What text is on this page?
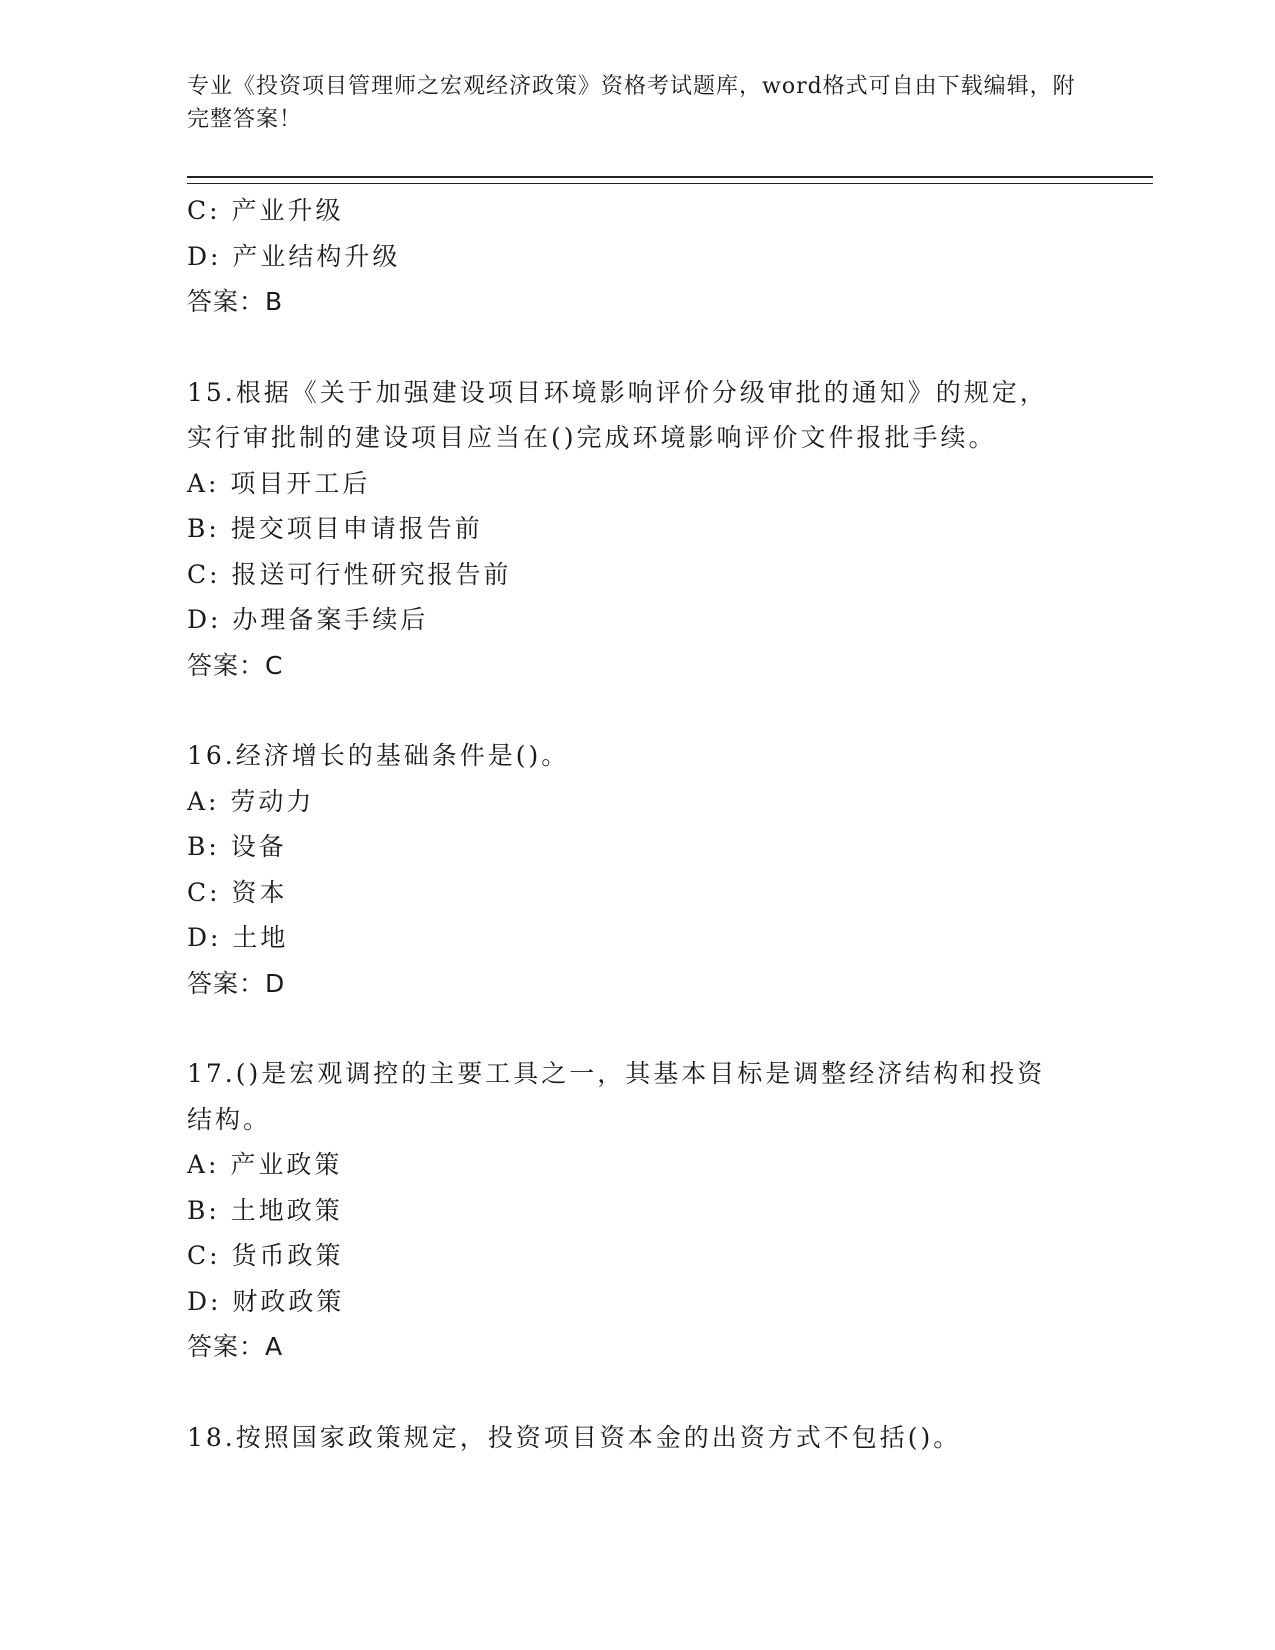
专业《投资项目管理师之宏观经济政策》资格考试题库，word格式可自由下载编辑，附完整答案！
C: 产业升级
D: 产业结构升级
答案：B
15.根据《关于加强建设项目环境影响评价分级审批的通知》的规定，
实行审批制的建设项目应当在()完成环境影响评价文件报批手续。
A: 项目开工后
B: 提交项目申请报告前
C: 报送可行性研究报告前
D: 办理备案手续后
答案：C
16.经济增长的基础条件是()。
A: 劳动力
B: 设备
C: 资本
D: 土地
答案：D
17.()是宏观调控的主要工具之一，其基本目标是调整经济结构和投资
结构。
A: 产业政策
B: 土地政策
C: 货币政策
D: 财政政策
答案：A
18.按照国家政策规定，投资项目资本金的出资方式不包括()。
